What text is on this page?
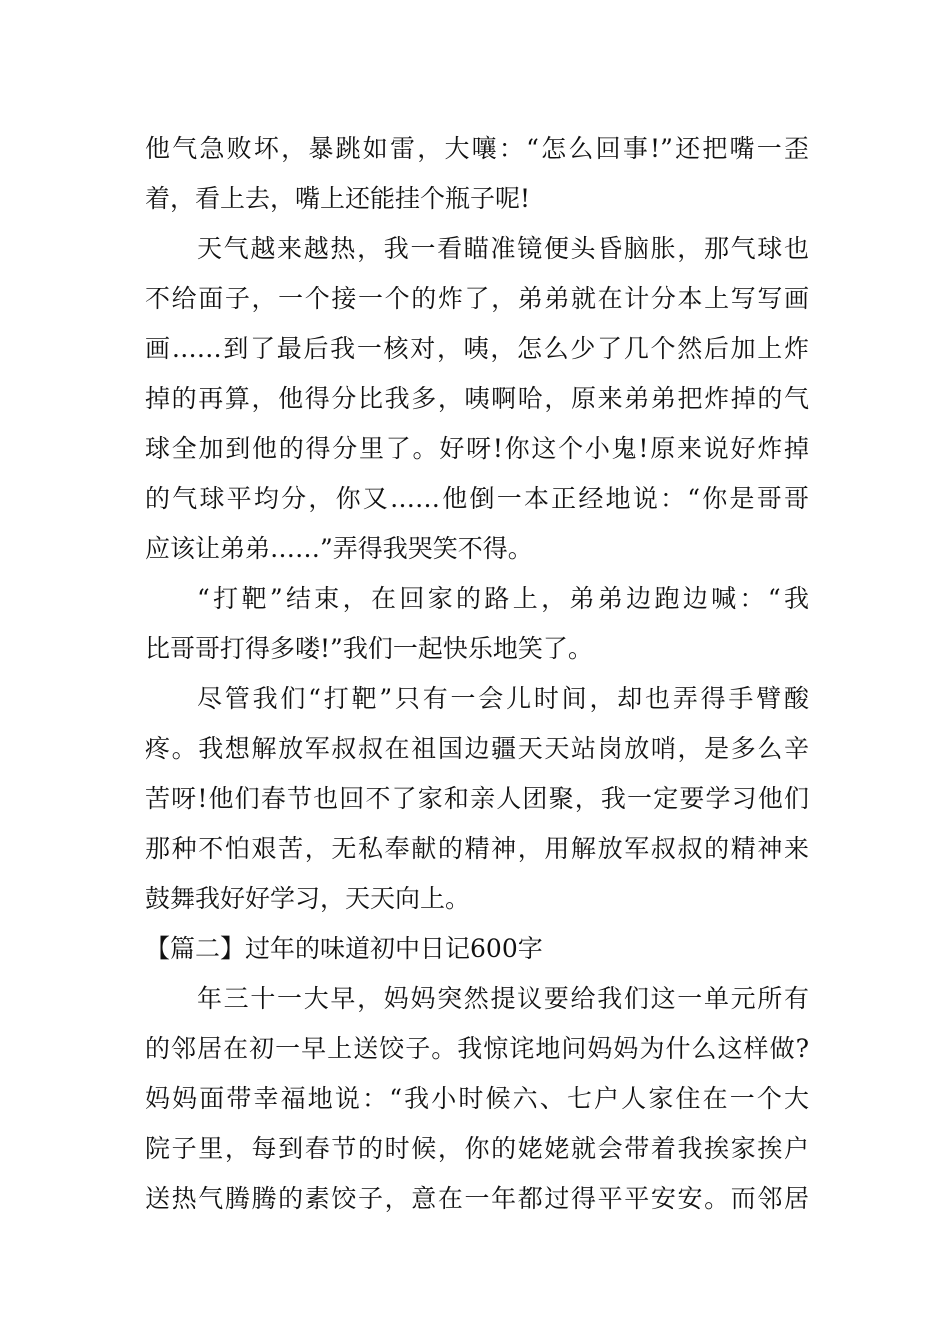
他气急败坏，暴跳如雷，大嚷：“怎么回事!”还把嘴一歪
着，看上去，嘴上还能挂个瓶子呢!
天气越来越热，我一看瞄准镜便头昏脑胀，那气球也
不给面子，一个接一个的炸了，弟弟就在计分本上写写画
画……到了最后我一核对，咦，怎么少了几个然后加上炸
掉的再算，他得分比我多，咦啊哈，原来弟弟把炸掉的气
球全加到他的得分里了。好呀!你这个小鬼!原来说好炸掉
的气球平均分，你又……他倒一本正经地说：“你是哥哥
应该让弟弟……”弄得我哭笑不得。
“打靶”结束，在回家的路上，弟弟边跑边喊：“我
比哥哥打得多喽!”我们一起快乐地笑了。
尽管我们“打靶”只有一会儿时间，却也弄得手臂酸
疼。我想解放军叔叔在祖国边疆天天站岗放哨，是多么辛
苦呀!他们春节也回不了家和亲人团聚，我一定要学习他们
那种不怕艰苦，无私奉献的精神，用解放军叔叔的精神来
鼓舞我好好学习，天天向上。
【篇二】过年的味道初中日记600字
年三十一大早，妈妈突然提议要给我们这一单元所有
的邻居在初一早上送饺子。我惊诧地问妈妈为什么这样做?
妈妈面带幸福地说：“我小时候六、七户人家住在一个大
院子里，每到春节的时候，你的姥姥就会带着我挨家挨户
送热气腾腾的素饺子，意在一年都过得平平安安。而邻居
